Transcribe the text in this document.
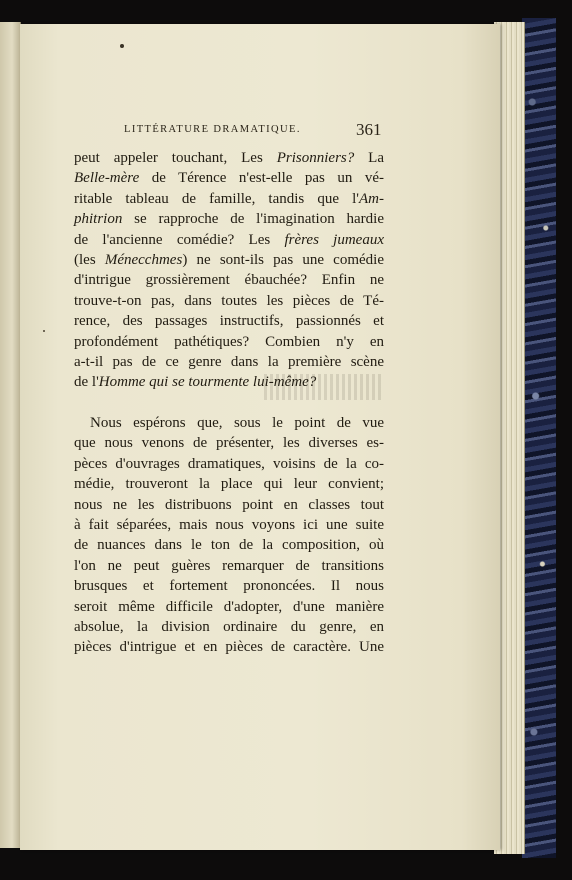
LITTÉRATURE DRAMATIQUE.	361
peut appeler touchant, Les Prisonniers? La
Belle-mère de Térence n'est-elle pas un vé-
ritable tableau de famille, tandis que l'Am-
phitrion se rapproche de l'imagination hardie
de l'ancienne comédie? Les frères jumeaux
(les Ménecchmes) ne sont-ils pas une comédie
d'intrigue grossièrement ébauchée? Enfin ne
trouve-t-on pas, dans toutes les pièces de Té-
rence, des passages instructifs, passionnés et
profondément pathétiques? Combien n'y en
a-t-il pas de ce genre dans la première scène
de l'Homme qui se tourmente lui-même?
Nous espérons que, sous le point de vue
que nous venons de présenter, les diverses es-
pèces d'ouvrages dramatiques, voisins de la co-
médie, trouveront la place qui leur convient;
nous ne les distribuons point en classes tout
à fait séparées, mais nous voyons ici une suite
de nuances dans le ton de la composition, où
l'on ne peut guères remarquer de transitions
brusques et fortement prononcées. Il nous
seroit même difficile d'adopter, d'une manière
absolue, la division ordinaire du genre, en
pièces d'intrigue et en pièces de caractère. Une
